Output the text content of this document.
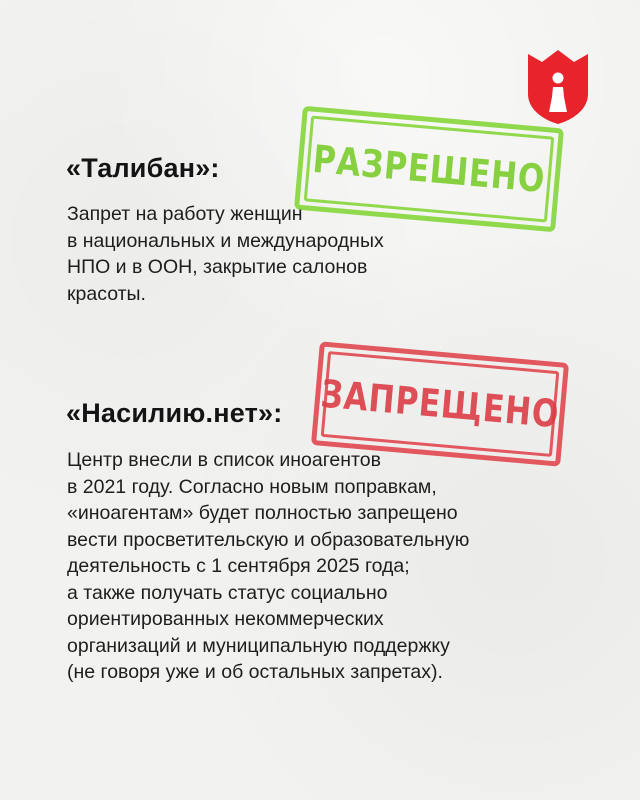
РАЗРЕШЕНО
«Талибан»:

Запрет на работу женщин
в национальных и международных
НПО и в ООН, закрытие салонов
красоты.

ЗАПРЕЩЕНО
«Насилию.нет»:

Центр внесли в список иноагентов
в 2021 году. Согласно новым поправкам,
«иноагентам» будет полностью запрещено
вести просветительскую и образовательную
деятельность с 1 сентября 2025 года;
а также получать статус социально
ориентированных некоммерческих
организаций и муниципальную поддержку
(не говоря уже и об остальных запретах).
